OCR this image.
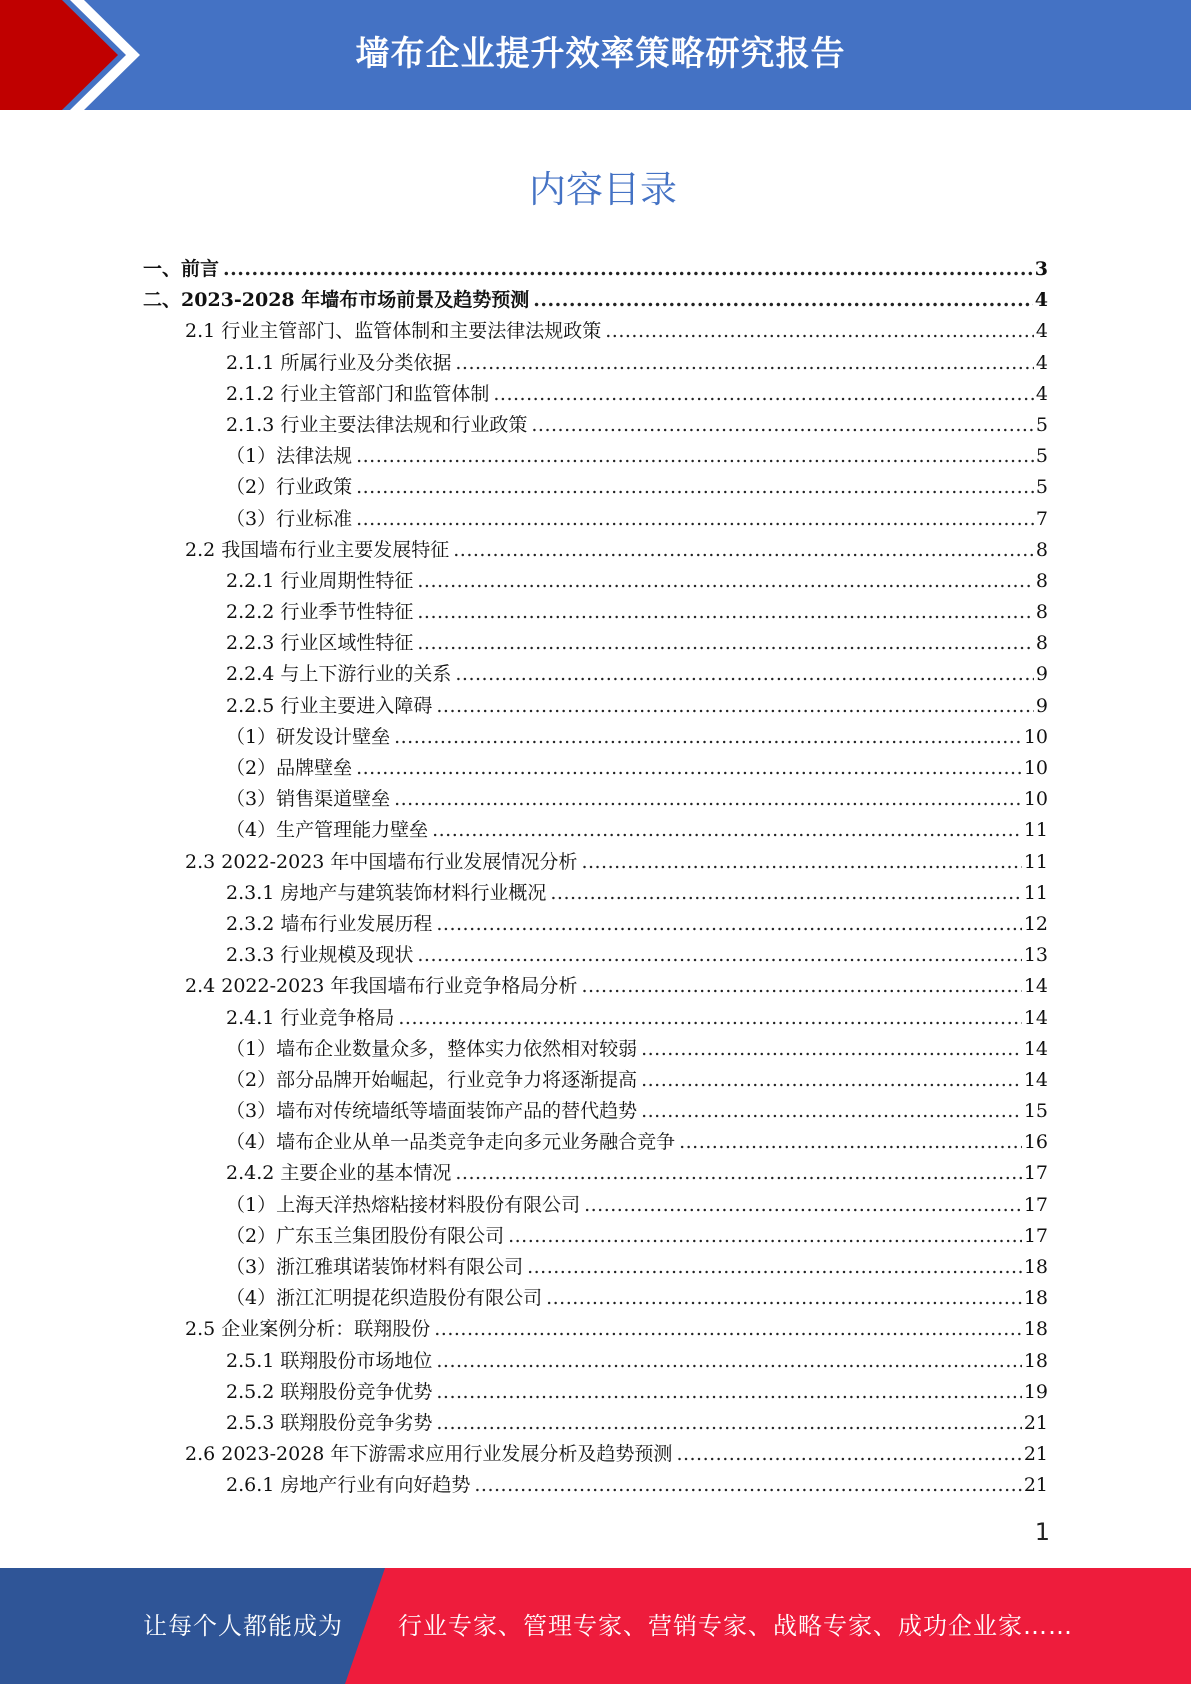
墙布企业提升效率策略研究报告
内容目录
一、前言 .....	3
二、2023-2028 年墙布市场前景及趋势预测 .....	4
2.1 行业主管部门、监管体制和主要法律法规政策 .....	4
2.1.1 所属行业及分类依据 .....	4
2.1.2 行业主管部门和监管体制 .....	4
2.1.3 行业主要法律法规和行业政策 .....	5
（1）法律法规 .....	5
（2）行业政策 .....	5
（3）行业标准 .....	7
2.2 我国墙布行业主要发展特征 .....	8
2.2.1 行业周期性特征 .....	8
2.2.2 行业季节性特征 .....	8
2.2.3 行业区域性特征 .....	8
2.2.4 与上下游行业的关系 .....	9
2.2.5 行业主要进入障碍 .....	9
（1）研发设计壁垒 .....	10
（2）品牌壁垒 .....	10
（3）销售渠道壁垒 .....	10
（4）生产管理能力壁垒 .....	11
2.3 2022-2023 年中国墙布行业发展情况分析 .....	11
2.3.1 房地产与建筑装饰材料行业概况 .....	11
2.3.2 墙布行业发展历程 .....	12
2.3.3 行业规模及现状 .....	13
2.4 2022-2023 年我国墙布行业竞争格局分析 .....	14
2.4.1 行业竞争格局 .....	14
（1）墙布企业数量众多，整体实力依然相对较弱 .....	14
（2）部分品牌开始崛起，行业竞争力将逐渐提高 .....	14
（3）墙布对传统墙纸等墙面装饰产品的替代趋势 .....	15
（4）墙布企业从单一品类竞争走向多元业务融合竞争 .....	16
2.4.2 主要企业的基本情况 .....	17
（1）上海天洋热熔粘接材料股份有限公司 .....	17
（2）广东玉兰集团股份有限公司 .....	17
（3）浙江雅琪诺装饰材料有限公司 .....	18
（4）浙江汇明提花织造股份有限公司 .....	18
2.5 企业案例分析：联翔股份 .....	18
2.5.1 联翔股份市场地位 .....	18
2.5.2 联翔股份竞争优势 .....	19
2.5.3 联翔股份竞争劣势 .....	21
2.6 2023-2028 年下游需求应用行业发展分析及趋势预测 .....	21
2.6.1 房地产行业有向好趋势 .....	21
1
让每个人都能成为 行业专家、管理专家、营销专家、战略专家、成功企业家……
